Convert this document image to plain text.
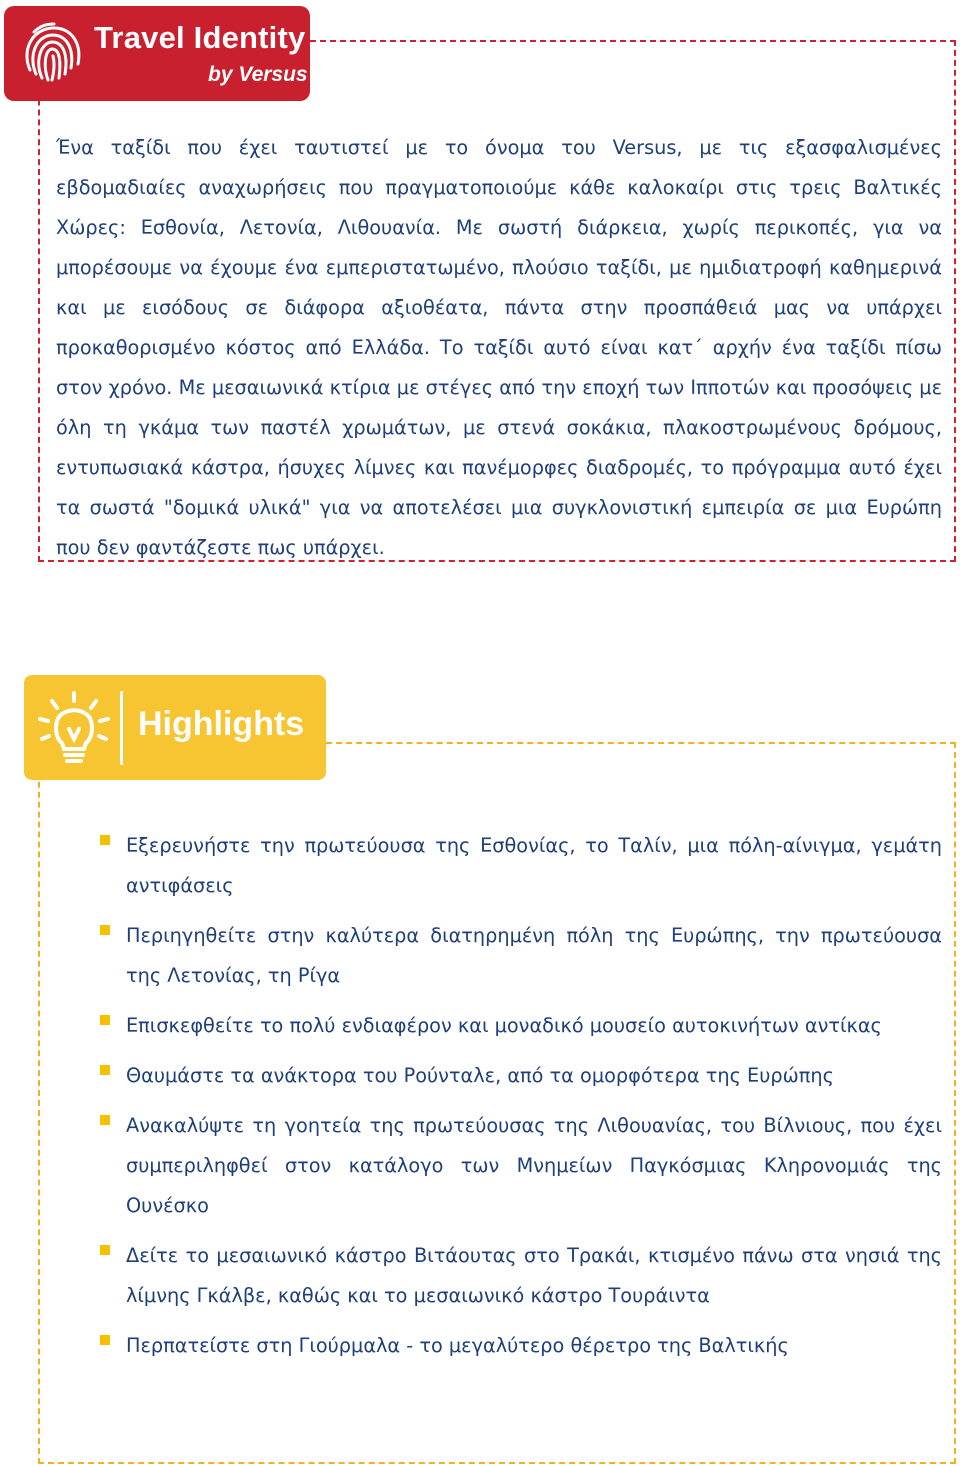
Travel Identity
by Versus

Ένα ταξίδι που έχει ταυτιστεί με το όνομα του Versus, με τις εξασφαλισμένες εβδομαδιαίες αναχωρήσεις που πραγματοποιούμε κάθε καλοκαίρι στις τρεις Βαλτικές Χώρες: Εσθονία, Λετονία, Λιθουανία. Με σωστή διάρκεια, χωρίς περικοπές, για να μπορέσουμε να έχουμε ένα εμπεριστατωμένο, πλούσιο ταξίδι, με ημιδιατροφή καθημερινά και με εισόδους σε διάφορα αξιοθέατα, πάντα στην προσπάθειά μας να υπάρχει προκαθορισμένο κόστος από Ελλάδα. Το ταξίδι αυτό είναι κατ΄ αρχήν ένα ταξίδι πίσω στον χρόνο. Με μεσαιωνικά κτίρια με στέγες από την εποχή των Ιπποτών και προσόψεις με όλη τη γκάμα των παστέλ χρωμάτων, με στενά σοκάκια, πλακοστρωμένους δρόμους, εντυπωσιακά κάστρα, ήσυχες λίμνες και πανέμορφες διαδρομές, το πρόγραμμα αυτό έχει τα σωστά "δομικά υλικά" για να αποτελέσει μια συγκλονιστική εμπειρία σε μια Ευρώπη που δεν φαντάζεστε πως υπάρχει.

Highlights
Εξερευνήστε την πρωτεύουσα της Εσθονίας, το Ταλίν, μια πόλη-αίνιγμα, γεμάτη αντιφάσεις
Περιηγηθείτε στην καλύτερα διατηρημένη πόλη της Ευρώπης, την πρωτεύουσα της Λετονίας, τη Ρίγα
Επισκεφθείτε το πολύ ενδιαφέρον και μοναδικό μουσείο αυτοκινήτων αντίκας
Θαυμάστε τα ανάκτορα του Ρούνταλε, από τα ομορφότερα της Ευρώπης
Ανακαλύψτε τη γοητεία της πρωτεύουσας της Λιθουανίας, του Βίλνιους, που έχει συμπεριληφθεί στον κατάλογο των Μνημείων Παγκόσμιας Κληρονομιάς της Ουνέσκο
Δείτε το μεσαιωνικό κάστρο Βιτάουτας στο Τρακάι, κτισμένο πάνω στα νησιά της λίμνης Γκάλβε, καθώς και το μεσαιωνικό κάστρο Τουράιντα
Περπατείστε στη Γιούρμαλα - το μεγαλύτερο θέρετρο της Βαλτικής
